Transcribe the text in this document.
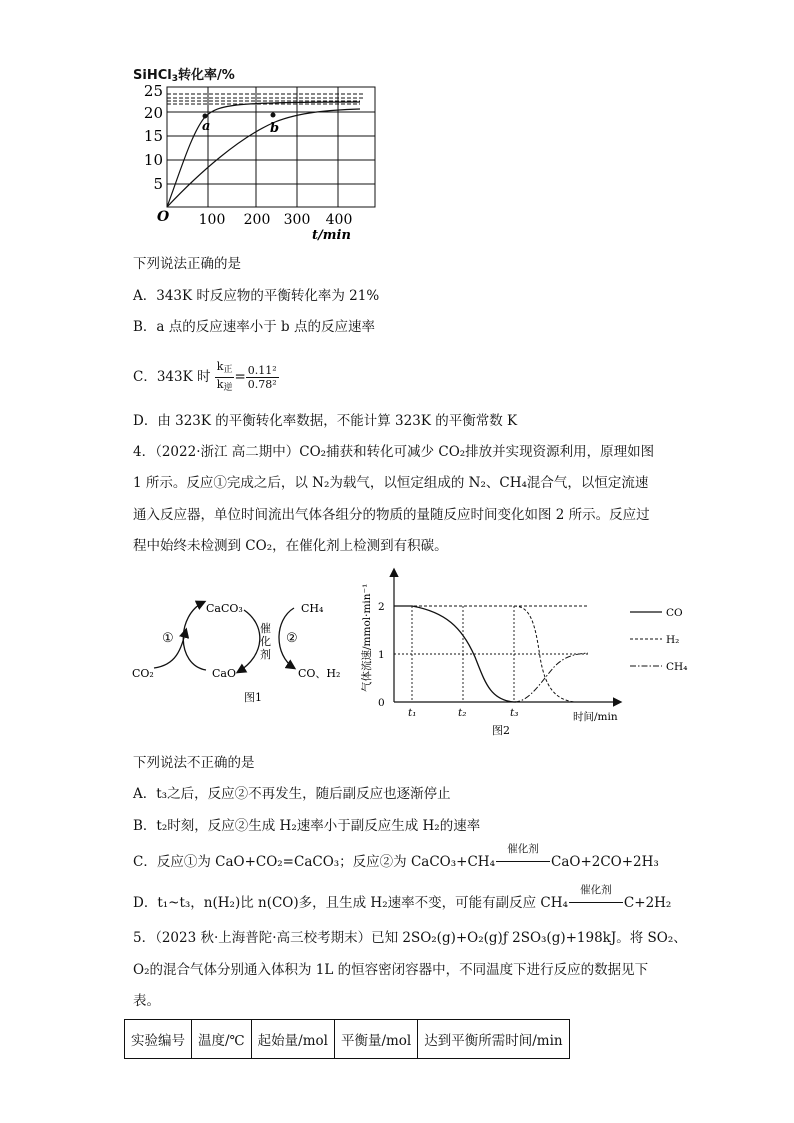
SiHCl$_3$转化率/%
a	b
25
20
15
10
5
O 100 200 300 400
t/min
下列说法正确的是
A．343K 时反应物的平衡转化率为 21%
B．a 点的反应速率小于 b 点的反应速率
C．343K 时 $\frac{k_正}{k_逆} = \frac{\text{0.11²}}{\text{0.78²}}$
D．由 323K 的平衡转化率数据，不能计算 323K 的平衡常数 K
4．（2022·浙江 高二期中）CO₂捕获和转化可减少 CO₂排放并实现资源利用，原理如图
1 所示。反应①完成之后，以 N₂为载气，以恒定组成的 N₂、CH₄混合气，以恒定流速
通入反应器，单位时间流出气体各组分的物质的量随反应时间变化如图 2 所示。反应过
程中始终未检测到 CO₂，在催化剂上检测到有积碳。
CaCO₃	CH₄
CaO
CO₂	CO、H₂
①	②
催
化
剂
图1
气体流速/mmol·min⁻¹
0
1
2
t₁	t₂	t₃	时间/min
CO
H₂
CH₄
图2
下列说法不正确的是
A．t₃之后，反应②不再发生，随后副反应也逐渐停止
B．t₂时刻，反应②生成 H₂速率小于副反应生成 H₂的速率
C．反应①为 CaO+CO₂=CaCO₃；反应②为 CaCO₃+CH₄
催化剂
CaO+2CO+2H₃
D．t₁~t₃，n(H₂)比 n(CO)多，且生成 H₂速率不变，可能有副反应 CH₄
催化剂
C+2H₂
5．（2023 秋·上海普陀·高三校考期末）已知 2SO₂(g)+O₂(g)ƒ 2SO₃(g)+198kJ。将 SO₂、
O₂的混合气体分别通入体积为 1L 的恒容密闭容器中，不同温度下进行反应的数据见下
表。
实验编号	温度/℃	起始量/mol	平衡量/mol	达到平衡所需时间/min
